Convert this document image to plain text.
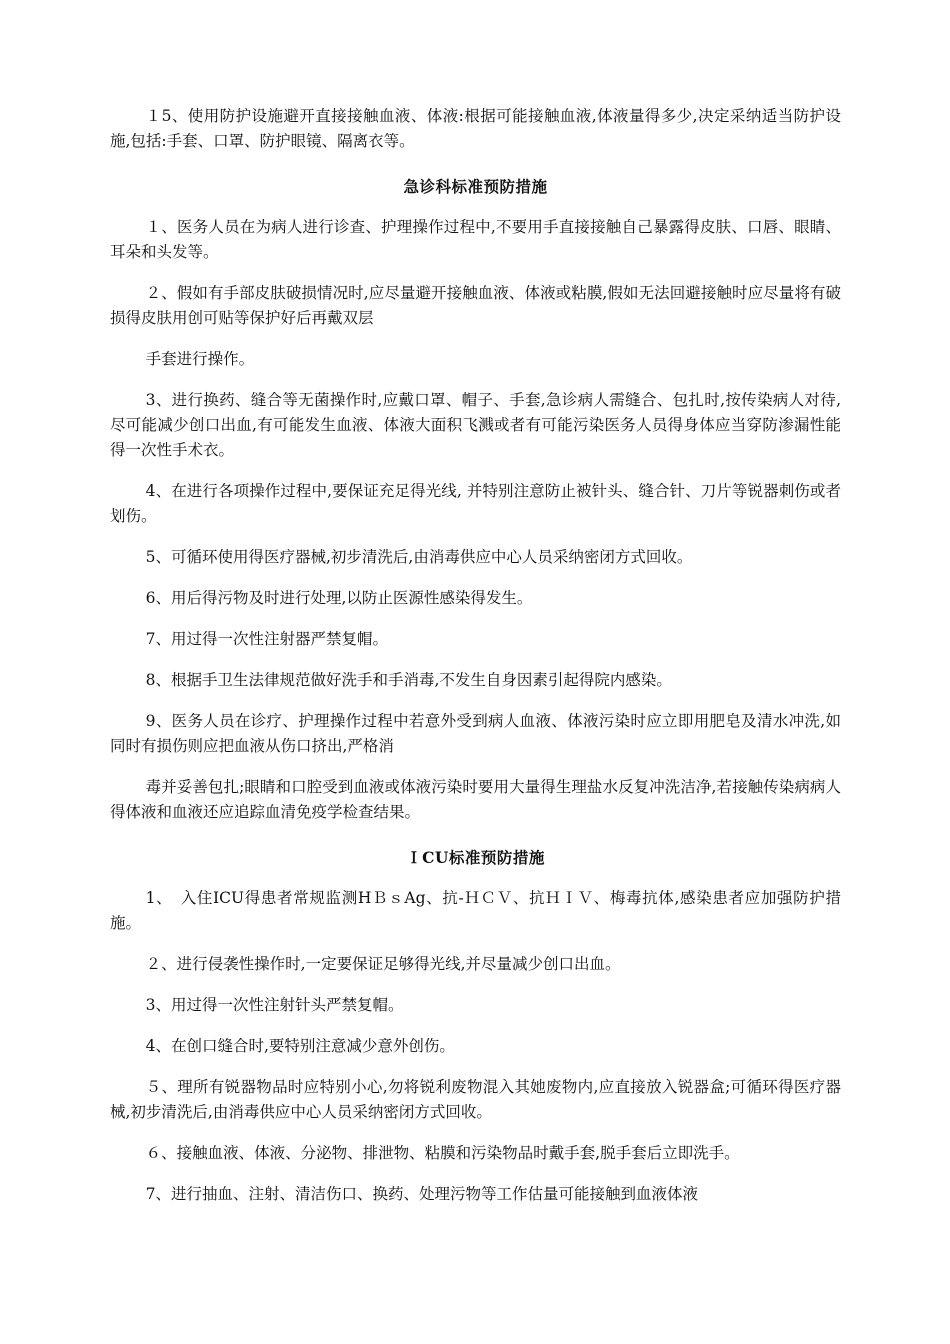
１5、使用防护设施避开直接接触血液、体液:根据可能接触血液,体液量得多少,决定采纳适当防护设施,包括:手套、口罩、防护眼镜、隔离衣等。

急诊科标准预防措施

１、医务人员在为病人进行诊查、护理操作过程中,不要用手直接接触自己暴露得皮肤、口唇、眼睛、耳朵和头发等。

２、假如有手部皮肤破损情况时,应尽量避开接触血液、体液或粘膜,假如无法回避接触时应尽量将有破损得皮肤用创可贴等保护好后再戴双层

手套进行操作。

3、进行换药、缝合等无菌操作时,应戴口罩、帽子、手套,急诊病人需缝合、包扎时,按传染病人对待,尽可能减少创口出血,有可能发生血液、体液大面积飞溅或者有可能污染医务人员得身体应当穿防渗漏性能得一次性手术衣。

4、在进行各项操作过程中,要保证充足得光线, 并特别注意防止被针头、缝合针、刀片等锐器刺伤或者划伤。

5、可循环使用得医疗器械,初步清洗后,由消毒供应中心人员采纳密闭方式回收。

6、用后得污物及时进行处理,以防止医源性感染得发生。

7、用过得一次性注射器严禁复帽。

8、根据手卫生法律规范做好洗手和手消毒,不发生自身因素引起得院内感染。

9、医务人员在诊疗、护理操作过程中若意外受到病人血液、体液污染时应立即用肥皂及清水冲洗,如同时有损伤则应把血液从伤口挤出,严格消

毒并妥善包扎;眼睛和口腔受到血液或体液污染时要用大量得生理盐水反复冲洗洁净,若接触传染病病人得体液和血液还应追踪血清免疫学检查结果。

ＩCU标准预防措施

1、　入住ICU得患者常规监测HＢｓAg、抗-ＨＣＶ、抗ＨＩＶ、梅毒抗体,感染患者应加强防护措施。

２、进行侵袭性操作时,一定要保证足够得光线,并尽量减少创口出血。

3、用过得一次性注射针头严禁复帽。

4、在创口缝合时,要特别注意减少意外创伤。

５、理所有锐器物品时应特别小心,勿将锐利废物混入其她废物内,应直接放入锐器盒;可循环得医疗器械,初步清洗后,由消毒供应中心人员采纳密闭方式回收。

６、接触血液、体液、分泌物、排泄物、粘膜和污染物品时戴手套,脱手套后立即洗手。

7、进行抽血、注射、清洁伤口、换药、处理污物等工作估量可能接触到血液体液
